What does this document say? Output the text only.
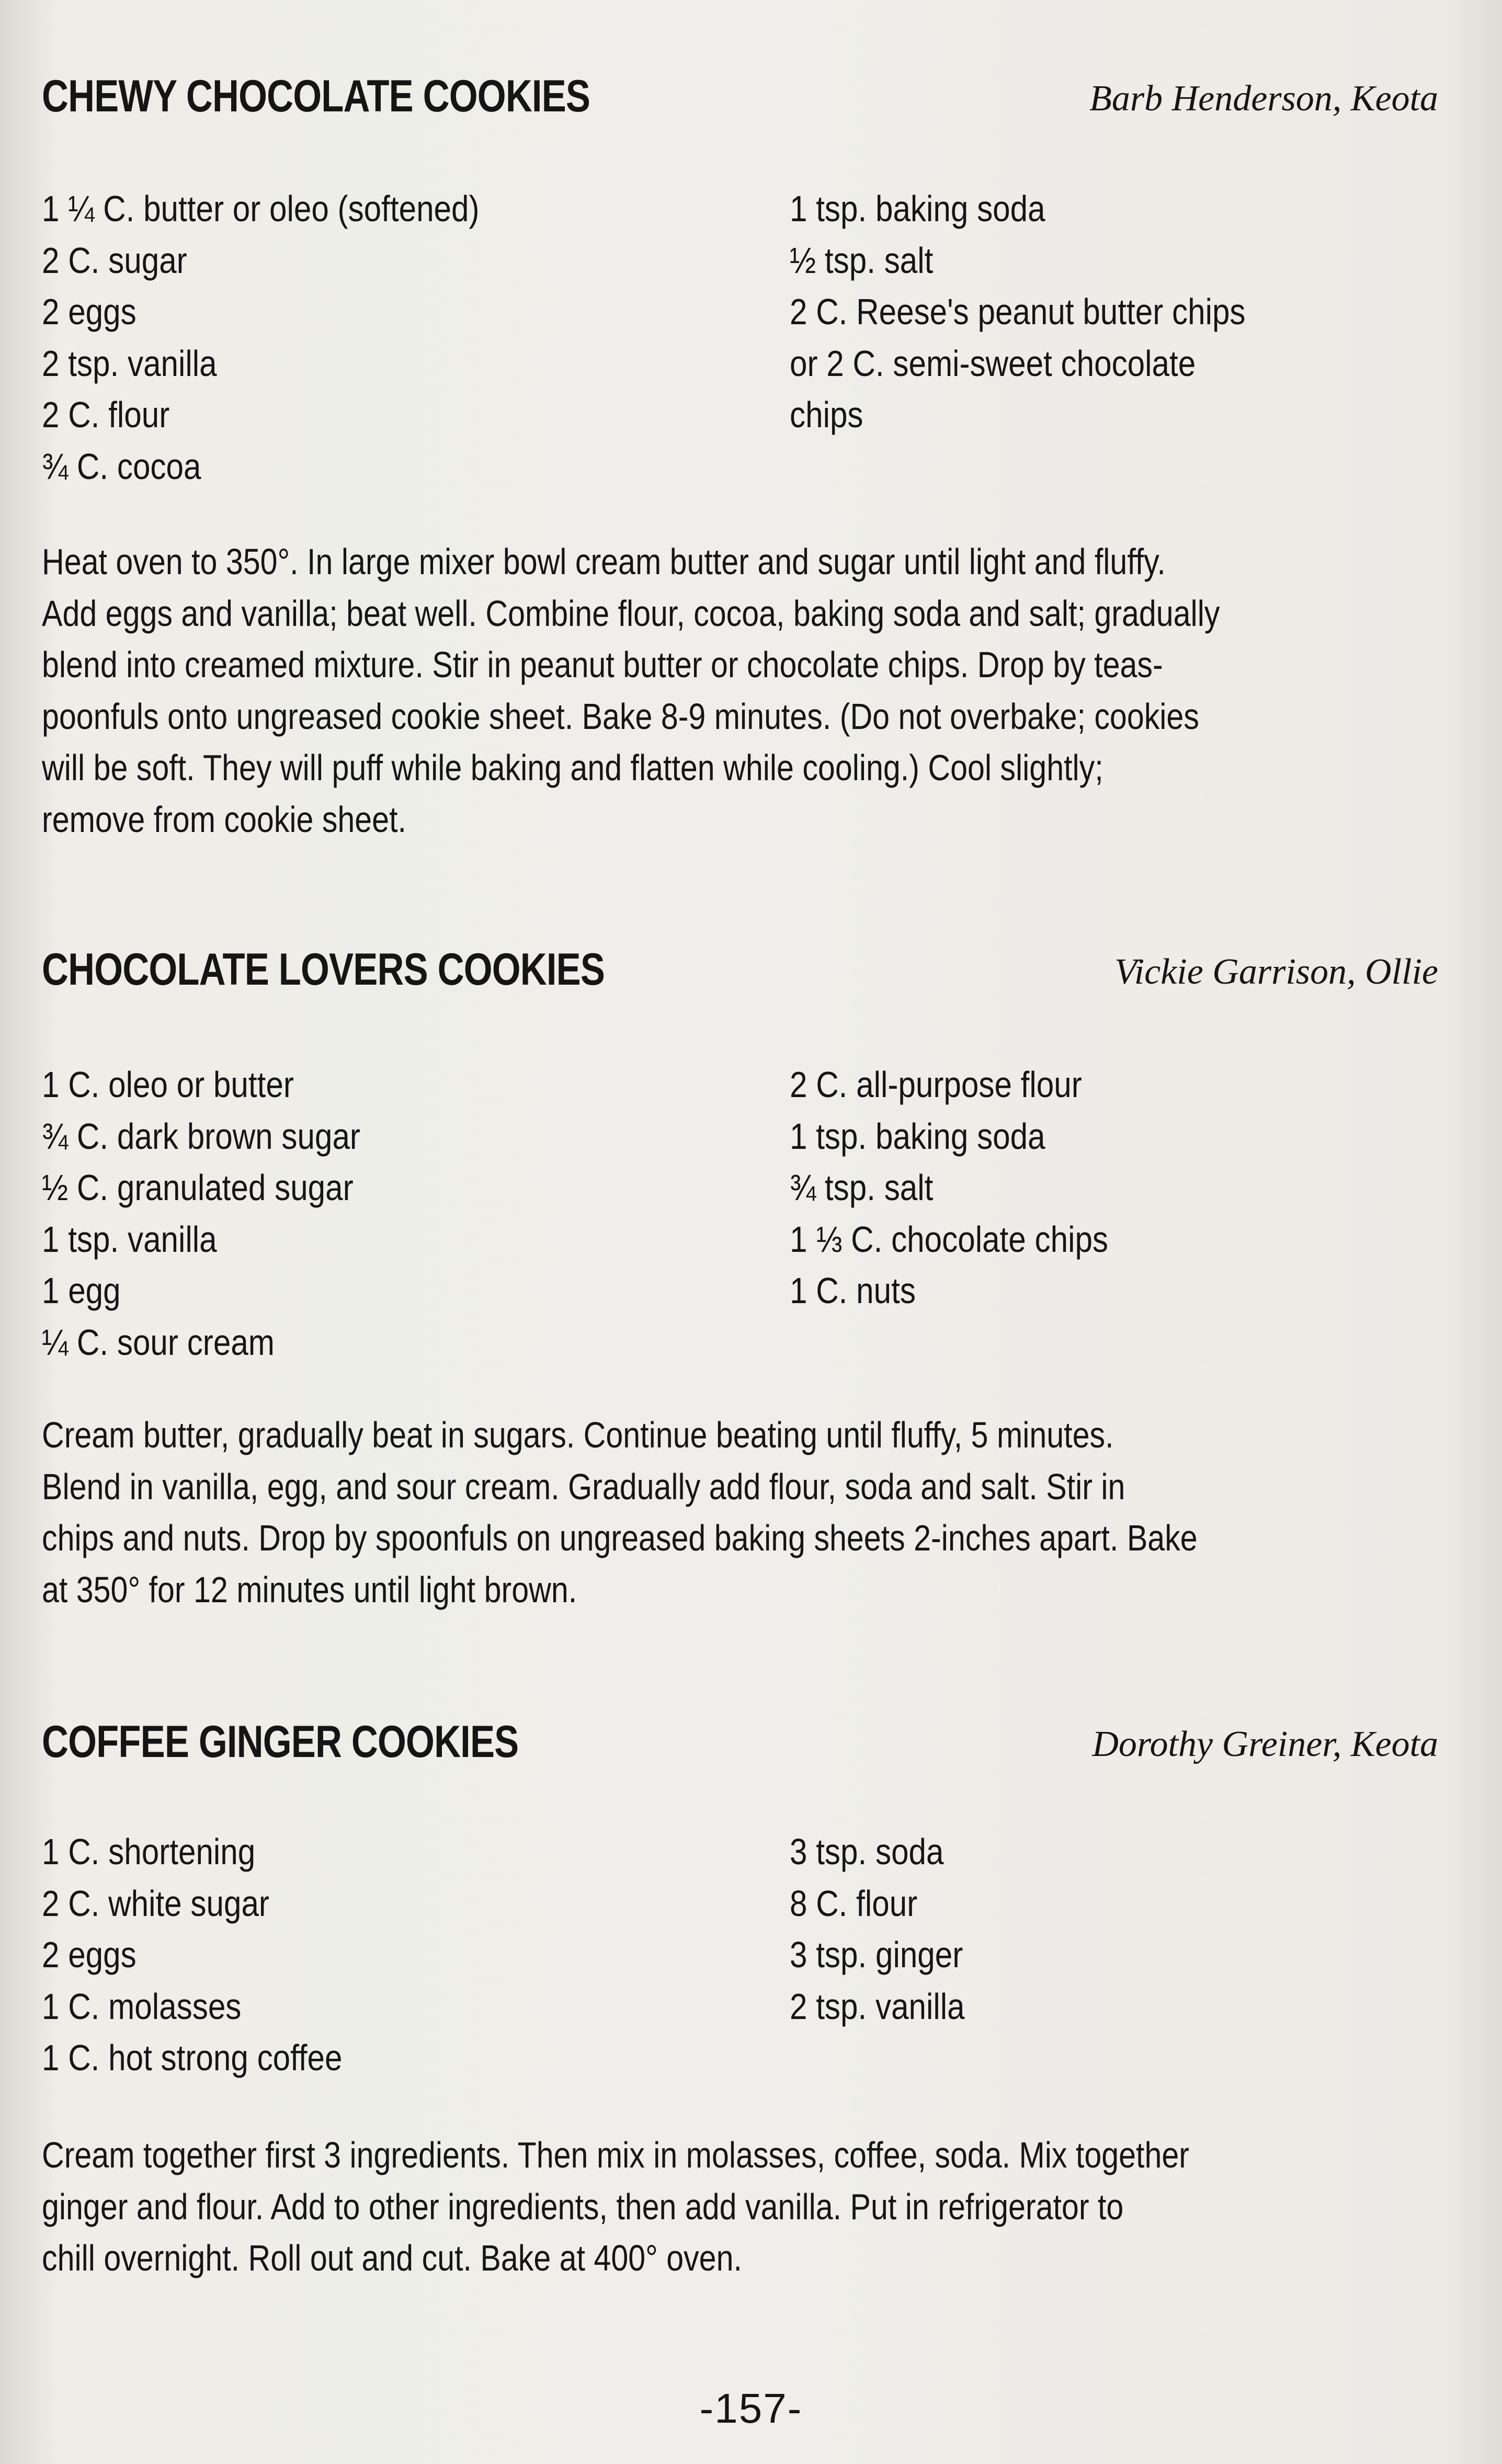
CHEWY CHOCOLATE COOKIES	Barb Henderson, Keota
1 ¼ C. butter or oleo (softened)
2 C. sugar
2 eggs
2 tsp. vanilla
2 C. flour
¾ C. cocoa
1 tsp. baking soda
½ tsp. salt
2 C. Reese's peanut butter chips
or 2 C. semi-sweet chocolate
chips
Heat oven to 350°. In large mixer bowl cream butter and sugar until light and fluffy.
Add eggs and vanilla; beat well. Combine flour, cocoa, baking soda and salt; gradually
blend into creamed mixture. Stir in peanut butter or chocolate chips. Drop by teas-
poonfuls onto ungreased cookie sheet. Bake 8-9 minutes. (Do not overbake; cookies
will be soft. They will puff while baking and flatten while cooling.) Cool slightly;
remove from cookie sheet.
CHOCOLATE LOVERS COOKIES	Vickie Garrison, Ollie
1 C. oleo or butter
¾ C. dark brown sugar
½ C. granulated sugar
1 tsp. vanilla
1 egg
¼ C. sour cream
2 C. all-purpose flour
1 tsp. baking soda
¾ tsp. salt
1 ⅓ C. chocolate chips
1 C. nuts
Cream butter, gradually beat in sugars. Continue beating until fluffy, 5 minutes.
Blend in vanilla, egg, and sour cream. Gradually add flour, soda and salt. Stir in
chips and nuts. Drop by spoonfuls on ungreased baking sheets 2-inches apart. Bake
at 350° for 12 minutes until light brown.
COFFEE GINGER COOKIES	Dorothy Greiner, Keota
1 C. shortening
2 C. white sugar
2 eggs
1 C. molasses
1 C. hot strong coffee
3 tsp. soda
8 C. flour
3 tsp. ginger
2 tsp. vanilla
Cream together first 3 ingredients. Then mix in molasses, coffee, soda. Mix together
ginger and flour. Add to other ingredients, then add vanilla. Put in refrigerator to
chill overnight. Roll out and cut. Bake at 400° oven.
-157-
